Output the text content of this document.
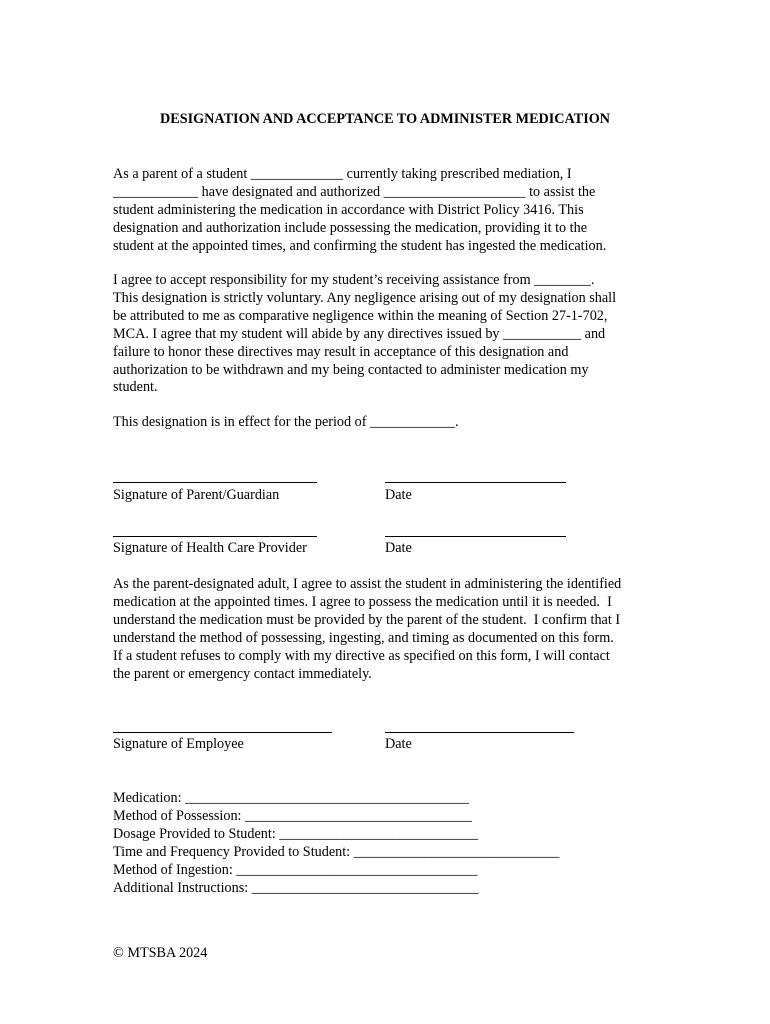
DESIGNATION AND ACCEPTANCE TO ADMINISTER MEDICATION
As a parent of a student _____________ currently taking prescribed mediation, I
____________ have designated and authorized ____________________ to assist the
student administering the medication in accordance with District Policy 3416. This
designation and authorization include possessing the medication, providing it to the
student at the appointed times, and confirming the student has ingested the medication.
I agree to accept responsibility for my student’s receiving assistance from ________.
This designation is strictly voluntary. Any negligence arising out of my designation shall
be attributed to me as comparative negligence within the meaning of Section 27-1-702,
MCA. I agree that my student will abide by any directives issued by ___________ and
failure to honor these directives may result in acceptance of this designation and
authorization to be withdrawn and my being contacted to administer medication my
student.
This designation is in effect for the period of ____________.
Signature of Parent/Guardian	Date
Signature of Health Care Provider	Date
As the parent-designated adult, I agree to assist the student in administering the identified
medication at the appointed times. I agree to possess the medication until it is needed.  I
understand the medication must be provided by the parent of the student.  I confirm that I
understand the method of possessing, ingesting, and timing as documented on this form.
If a student refuses to comply with my directive as specified on this form, I will contact
the parent or emergency contact immediately.
Signature of Employee	Date
Medication: ________________________________________
Method of Possession: ________________________________
Dosage Provided to Student: ____________________________
Time and Frequency Provided to Student: _____________________________
Method of Ingestion: __________________________________
Additional Instructions: ________________________________
© MTSBA 2024
